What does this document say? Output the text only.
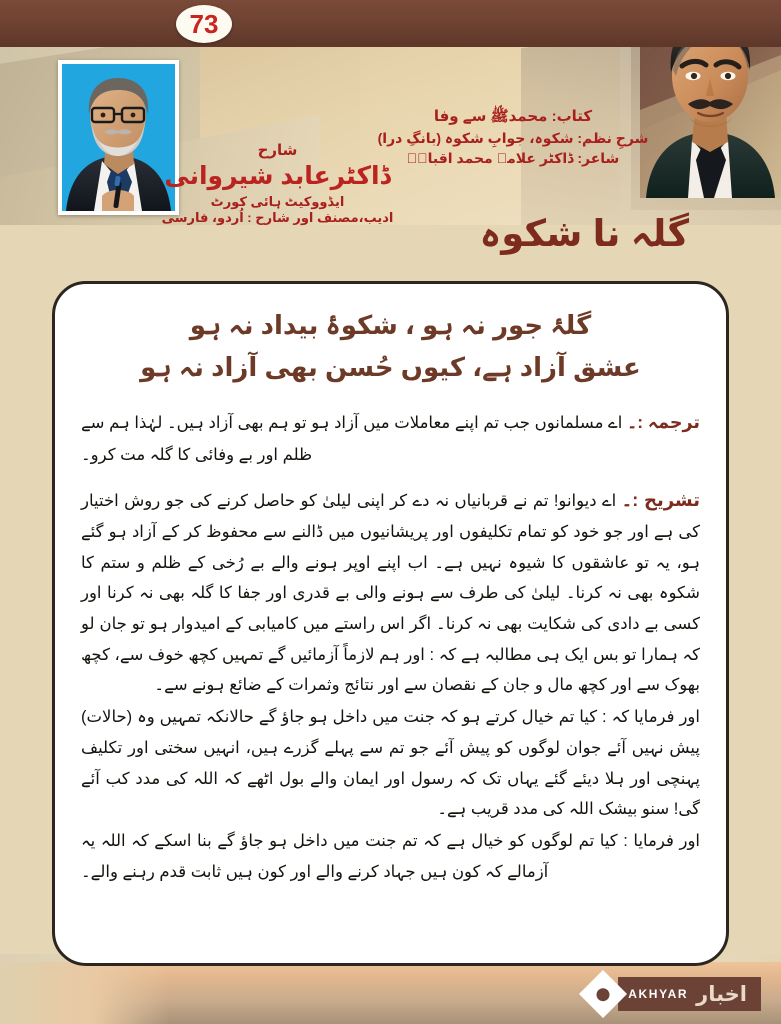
73
شارح
ڈاکٹرعابد شیروانی
ایڈووکیٹ ہائی کورٹ
ادیب،مصنف اور شارح : اُردو، فارسی
کتاب: محمدﷺ سے وفا
شرحِ نظم: شکوہ، جوابِ شکوہ (بانگِ درا)
شاعر: ڈاکٹر علامہ محمد اقبالؒ
گلہ نا شکوہ
گلۂ جور نہ ہو ، شکوۂ بیداد نہ ہو
عشق آزاد ہے، کیوں حُسن بھی آزاد نہ ہو
ترجمہ :۔ اے مسلمانوں جب تم اپنے معاملات میں آزاد ہو تو ہم بھی آزاد ہیں۔ لہٰذا ہم سے ظلم اور بے وفائی کا گلہ مت کرو۔

تشریح :۔ اے دیوانو! تم نے قربانیاں نہ دے کر اپنی لیلیٰ کو حاصل کرنے کی جو روش اختیار کی ہے اور جو خود کو تمام تکلیفوں اور پریشانیوں میں ڈالنے سے محفوظ کر کے آزاد ہو گئے ہو، یہ تو عاشقوں کا شیوہ نہیں ہے۔ اب اپنے اوپر ہونے والے بے رُخی کے ظلم و ستم کا شکوہ بھی نہ کرنا۔ لیلیٰ کی طرف سے ہونے والی بے قدری اور جفا کا گلہ بھی نہ کرنا اور کسی بے دادی کی شکایت بھی نہ کرنا۔ اگر اس راستے میں کامیابی کے امیدوار ہو تو جان لو کہ ہمارا تو بس ایک ہی مطالبہ ہے کہ : اور ہم لازماً آزمائیں گے تمہیں کچھ خوف سے، کچھ بھوک سے اور کچھ مال و جان کے نقصان سے اور نتائج وثمرات کے ضائع ہونے سے۔

اور فرمایا کہ : کیا تم خیال کرتے ہو کہ جنت میں داخل ہو جاؤ گے حالانکہ تمہیں وہ (حالات) پیش نہیں آئے جوان لوگوں کو پیش آئے جو تم سے پہلے گزرے ہیں، انہیں سختی اور تکلیف پہنچی اور ہلا دیئے گئے یہاں تک کہ رسول اور ایمان والے بول اٹھے کہ اللہ کی مدد کب آئے گی! سنو بیشک اللہ کی مدد قریب ہے۔

اور فرمایا : کیا تم لوگوں کو خیال ہے کہ تم جنت میں داخل ہو جاؤ گے بنا اسکے کہ اللہ یہ آزمالے کہ کون ہیں جہاد کرنے والے اور کون ہیں ثابت قدم رہنے والے۔

اخبار
AKHYAR
